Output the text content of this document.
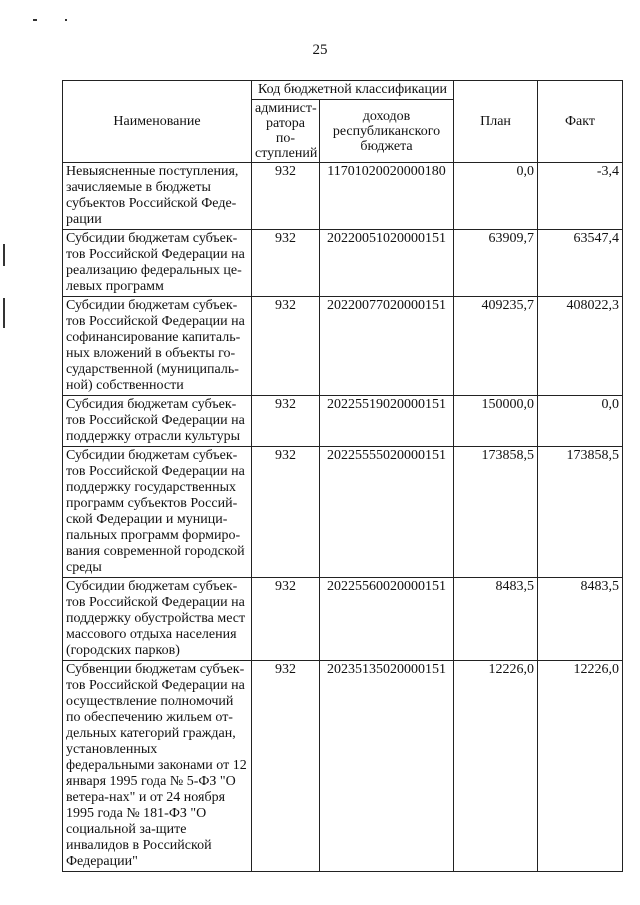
25
Наименование	Код бюджетной классификации		План	Факт
	админист-ратора по-ступлений	доходов республиканского бюджета		
Невыясненные поступления, зачисляемые в бюджеты субъектов Российской Феде-рации	932	11701020020000180	0,0	-3,4
Субсидии бюджетам субъек-тов Российской Федерации на реализацию федеральных це-левых программ	932	20220051020000151	63909,7	63547,4
Субсидии бюджетам субъек-тов Российской Федерации на софинансирование капиталь-ных вложений в объекты го-сударственной (муниципаль-ной) собственности	932	20220077020000151	409235,7	408022,3
Субсидия бюджетам субъек-тов Российской Федерации на поддержку отрасли культуры	932	20225519020000151	150000,0	0,0
Субсидии бюджетам субъек-тов Российской Федерации на поддержку государственных программ субъектов Россий-ской Федерации и муници-пальных программ формиро-вания современной городской среды	932	20225555020000151	173858,5	173858,5
Субсидии бюджетам субъек-тов Российской Федерации на поддержку обустройства мест массового отдыха населения (городских парков)	932	20225560020000151	8483,5	8483,5
Субвенции бюджетам субъек-тов Российской Федерации на осуществление полномочий по обеспечению жильем от-дельных категорий граждан, установленных федеральными законами от 12 января 1995 года № 5-ФЗ "О ветера-нах" и от 24 ноября 1995 года № 181-ФЗ "О социальной за-щите инвалидов в Российской Федерации"	932	20235135020000151	12226,0	12226,0
